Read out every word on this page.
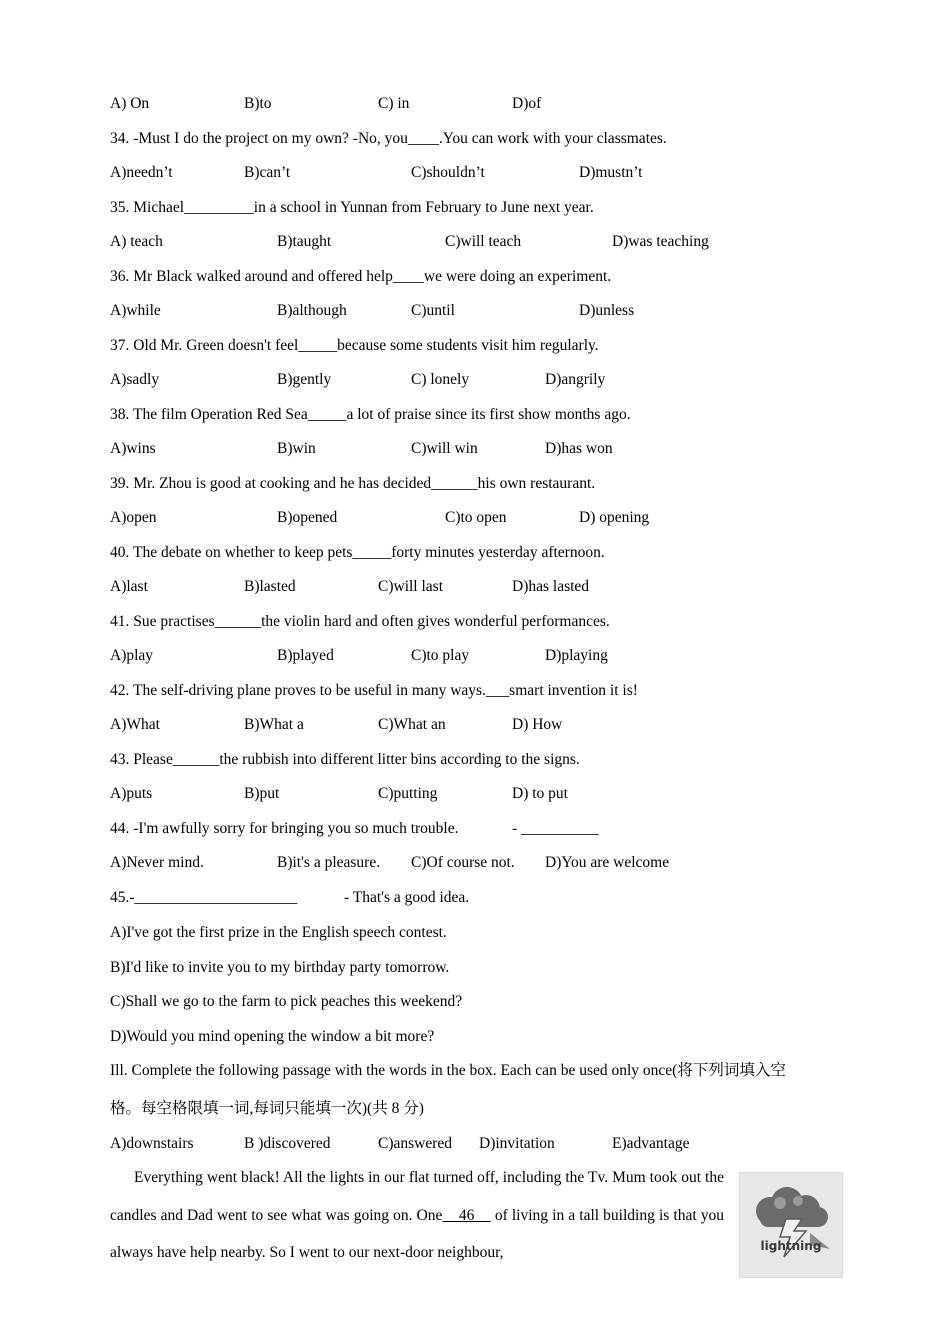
A) On	B)to	C) in	D)of
34. -Must I do the project on my own? -No, you____.You can work with your classmates.
A)needn’t	B)can’t	C)shouldn’t	D)mustn’t
35. Michael_________in a school in Yunnan from February to June next year.
A) teach	B)taught	C)will teach	D)was teaching
36. Mr Black walked around and offered help____we were doing an experiment.
A)while	B)although	C)until	D)unless
37. Old Mr. Green doesn't feel_____because some students visit him regularly.
A)sadly	B)gently	C) lonely	D)angrily
38. The film Operation Red Sea_____a lot of praise since its first show months ago.
A)wins	B)win	C)will win	D)has won
39. Mr. Zhou is good at cooking and he has decided______his own restaurant.
A)open	B)opened	C)to open	D) opening
40. The debate on whether to keep pets_____forty minutes yesterday afternoon.
A)last	B)lasted	C)will last	D)has lasted
41. Sue practises______the violin hard and often gives wonderful performances.
A)play	B)played	C)to play	D)playing
42. The self-driving plane proves to be useful in many ways.___smart invention it is!
A)What	B)What a	C)What an	D) How
43. Please______the rubbish into different litter bins according to the signs.
A)puts	B)put	C)putting	D) to put
44. -I'm awfully sorry for bringing you so much trouble.	- __________
A)Never mind.	B)it's a pleasure. C)Of course not. D)You are welcome
45.-_____________________	- That's a good idea.
A)I've got the first prize in the English speech contest.
B)I'd like to invite you to my birthday party tomorrow.
C)Shall we go to the farm to pick peaches this weekend?
D)Would you mind opening the window a bit more?
Ill. Complete the following passage with the words in the box. Each can be used only once(将下列词填入空
格。每空格限填一词,每词只能填一次)(共 8 分)
A)downstairs	B )discovered	C)answered D)invitation	E)advantage
Everything went black! All the lights in our flat turned off, including the Tv. Mum took out the candles and Dad went to see what was going on. One    46     of living in a tall building is that you always have help nearby. So I went to our next-door neighbour,	lightning
